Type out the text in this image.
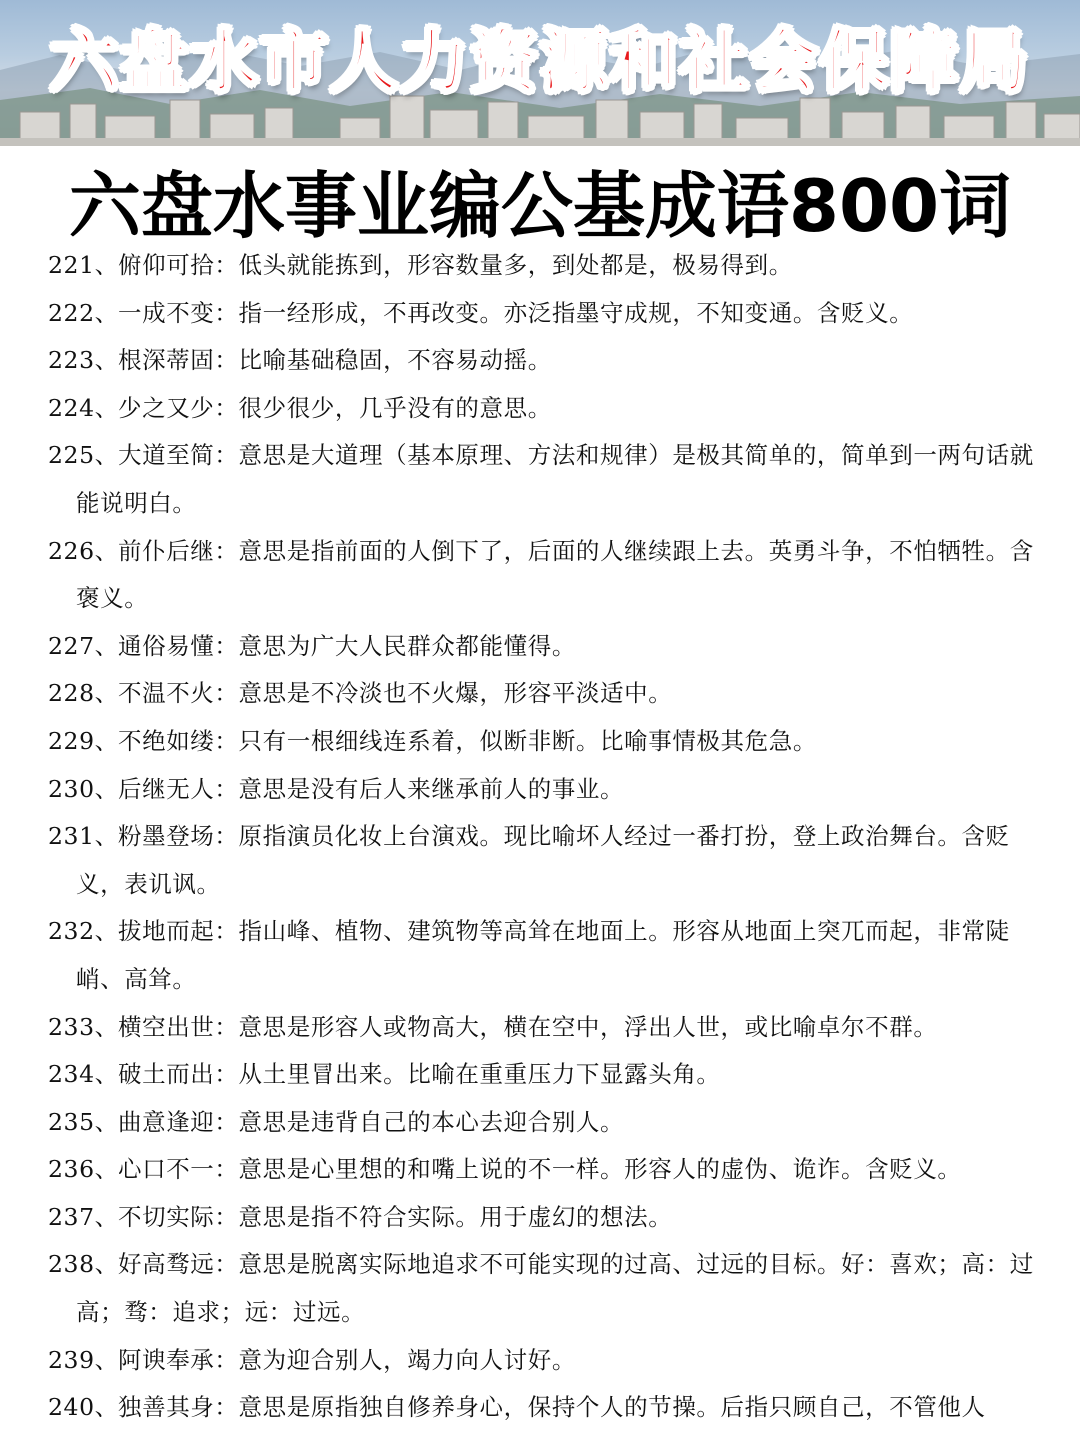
六盘水市人力资源和社会保障局
六盘水事业编公基成语800词

221、 俯仰可拾：低头就能拣到，形容数量多，到处都是，极易得到。

222、 一成不变：指一经形成，不再改变。亦泛指墨守成规，不知变通。含贬义。

223、 根深蒂固：比喻基础稳固，不容易动摇。

224、 少之又少：很少很少，几乎没有的意思。

225、 大道至简：意思是大道理（基本原理、方法和规律）是极其简单的，简单到一两句话就能说明白。

226、 前仆后继：意思是指前面的人倒下了，后面的人继续跟上去。英勇斗争，不怕牺牲。含褒义。

227、 通俗易懂：意思为广大人民群众都能懂得。

228、 不温不火：意思是不冷淡也不火爆，形容平淡适中。

229、 不绝如缕：只有一根细线连系着，似断非断。比喻事情极其危急。

230、 后继无人：意思是没有后人来继承前人的事业。

231、 粉墨登场：原指演员化妆上台演戏。现比喻坏人经过一番打扮，登上政治舞台。含贬义，表讥讽。

232、 拔地而起：指山峰、植物、建筑物等高耸在地面上。形容从地面上突兀而起，非常陡峭、高耸。

233、 横空出世：意思是形容人或物高大，横在空中，浮出人世，或比喻卓尔不群。

234、 破土而出：从土里冒出来。比喻在重重压力下显露头角。

235、 曲意逢迎：意思是违背自己的本心去迎合别人。

236、 心口不一：意思是心里想的和嘴上说的不一样。形容人的虚伪、诡诈。含贬义。

237、 不切实际：意思是指不符合实际。用于虚幻的想法。

238、 好高骛远：意思是脱离实际地追求不可能实现的过高、过远的目标。好：喜欢；高：过高；骛：追求；远：过远。

239、 阿谀奉承：意为迎合别人，竭力向人讨好。

240、 独善其身：意思是原指独自修养身心，保持个人的节操。后指只顾自己，不管他人
